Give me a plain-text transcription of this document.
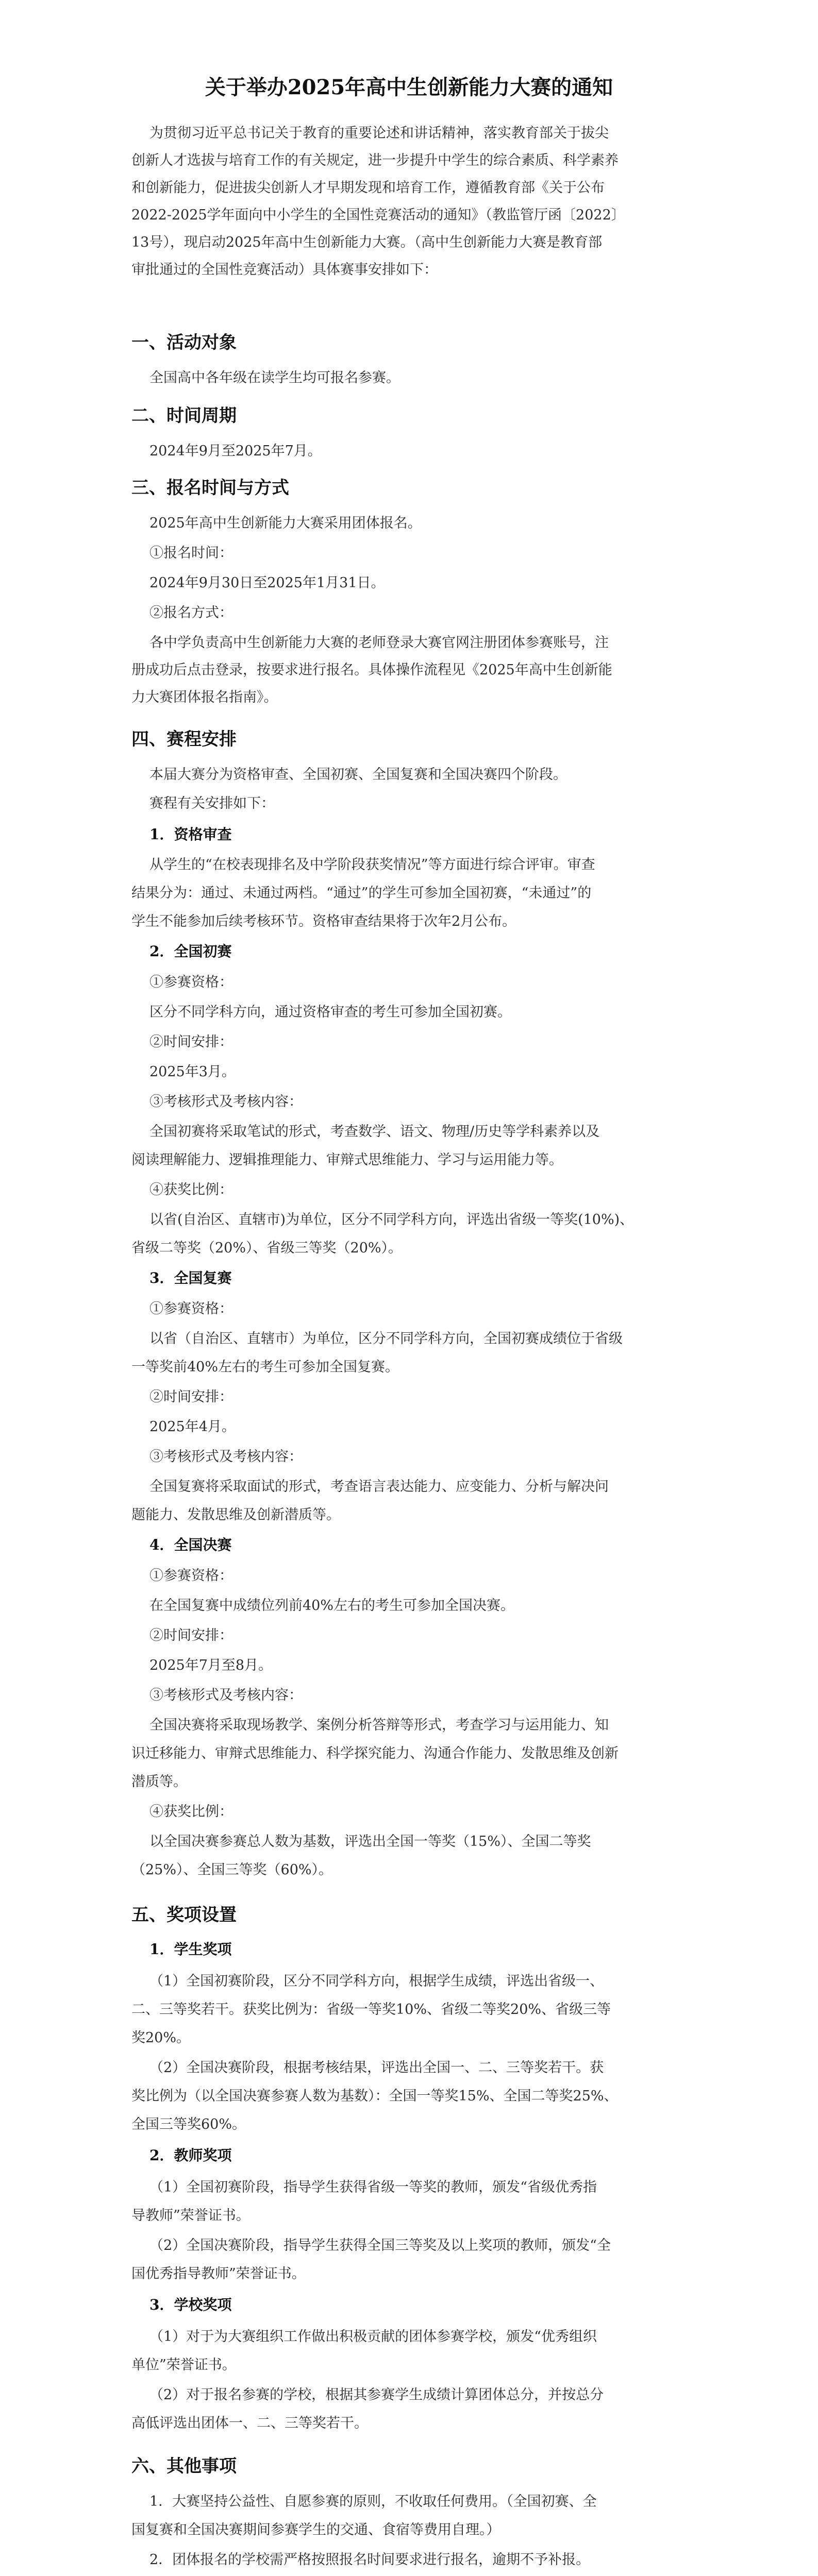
关于举办2025年高中生创新能力大赛的通知
为贯彻习近平总书记关于教育的重要论述和讲话精神，落实教育部关于拔尖
创新人才选拔与培育工作的有关规定，进一步提升中学生的综合素质、科学素养
和创新能力，促进拔尖创新人才早期发现和培育工作，遵循教育部《关于公布
2022-2025学年面向中小学生的全国性竞赛活动的通知》（教监管厅函〔2022〕
13号），现启动2025年高中生创新能力大赛。（高中生创新能力大赛是教育部
审批通过的全国性竞赛活动）具体赛事安排如下：
一、活动对象
全国高中各年级在读学生均可报名参赛。
二、时间周期
2024年9月至2025年7月。
三、报名时间与方式
2025年高中生创新能力大赛采用团体报名。
①报名时间：
2024年9月30日至2025年1月31日。
②报名方式：
各中学负责高中生创新能力大赛的老师登录大赛官网注册团体参赛账号，注
册成功后点击登录，按要求进行报名。具体操作流程见《2025年高中生创新能
力大赛团体报名指南》。
四、赛程安排
本届大赛分为资格审查、全国初赛、全国复赛和全国决赛四个阶段。
赛程有关安排如下：
1．资格审查
从学生的“在校表现排名及中学阶段获奖情况”等方面进行综合评审。审查
结果分为：通过、未通过两档。“通过”的学生可参加全国初赛，“未通过”的
学生不能参加后续考核环节。资格审查结果将于次年2月公布。
2．全国初赛
①参赛资格：
区分不同学科方向，通过资格审查的考生可参加全国初赛。
②时间安排：
2025年3月。
③考核形式及考核内容：
全国初赛将采取笔试的形式，考查数学、语文、物理/历史等学科素养以及
阅读理解能力、逻辑推理能力、审辩式思维能力、学习与运用能力等。
④获奖比例：
以省(自治区、直辖市)为单位，区分不同学科方向，评选出省级一等奖(10%)、
省级二等奖（20%）、省级三等奖（20%）。
3．全国复赛
①参赛资格：
以省（自治区、直辖市）为单位，区分不同学科方向，全国初赛成绩位于省级
一等奖前40%左右的考生可参加全国复赛。
②时间安排：
2025年4月。
③考核形式及考核内容：
全国复赛将采取面试的形式，考查语言表达能力、应变能力、分析与解决问
题能力、发散思维及创新潜质等。
4．全国决赛
①参赛资格：
在全国复赛中成绩位列前40%左右的考生可参加全国决赛。
②时间安排：
2025年7月至8月。
③考核形式及考核内容：
全国决赛将采取现场教学、案例分析答辩等形式，考查学习与运用能力、知
识迁移能力、审辩式思维能力、科学探究能力、沟通合作能力、发散思维及创新
潜质等。
④获奖比例：
以全国决赛参赛总人数为基数，评选出全国一等奖（15%）、全国二等奖
（25%）、全国三等奖（60%）。
五、奖项设置
1．学生奖项
（1）全国初赛阶段，区分不同学科方向，根据学生成绩，评选出省级一、
二、三等奖若干。获奖比例为：省级一等奖10%、省级二等奖20%、省级三等
奖20%。
（2）全国决赛阶段，根据考核结果，评选出全国一、二、三等奖若干。获
奖比例为（以全国决赛参赛人数为基数）：全国一等奖15%、全国二等奖25%、
全国三等奖60%。
2．教师奖项
（1）全国初赛阶段，指导学生获得省级一等奖的教师，颁发“省级优秀指
导教师”荣誉证书。
（2）全国决赛阶段，指导学生获得全国三等奖及以上奖项的教师，颁发“全
国优秀指导教师”荣誉证书。
3．学校奖项
（1）对于为大赛组织工作做出积极贡献的团体参赛学校，颁发“优秀组织
单位”荣誉证书。
（2）对于报名参赛的学校，根据其参赛学生成绩计算团体总分，并按总分
高低评选出团体一、二、三等奖若干。
六、其他事项
1．大赛坚持公益性、自愿参赛的原则，不收取任何费用。（全国初赛、全
国复赛和全国决赛期间参赛学生的交通、食宿等费用自理。）
2．团体报名的学校需严格按照报名时间要求进行报名，逾期不予补报。
